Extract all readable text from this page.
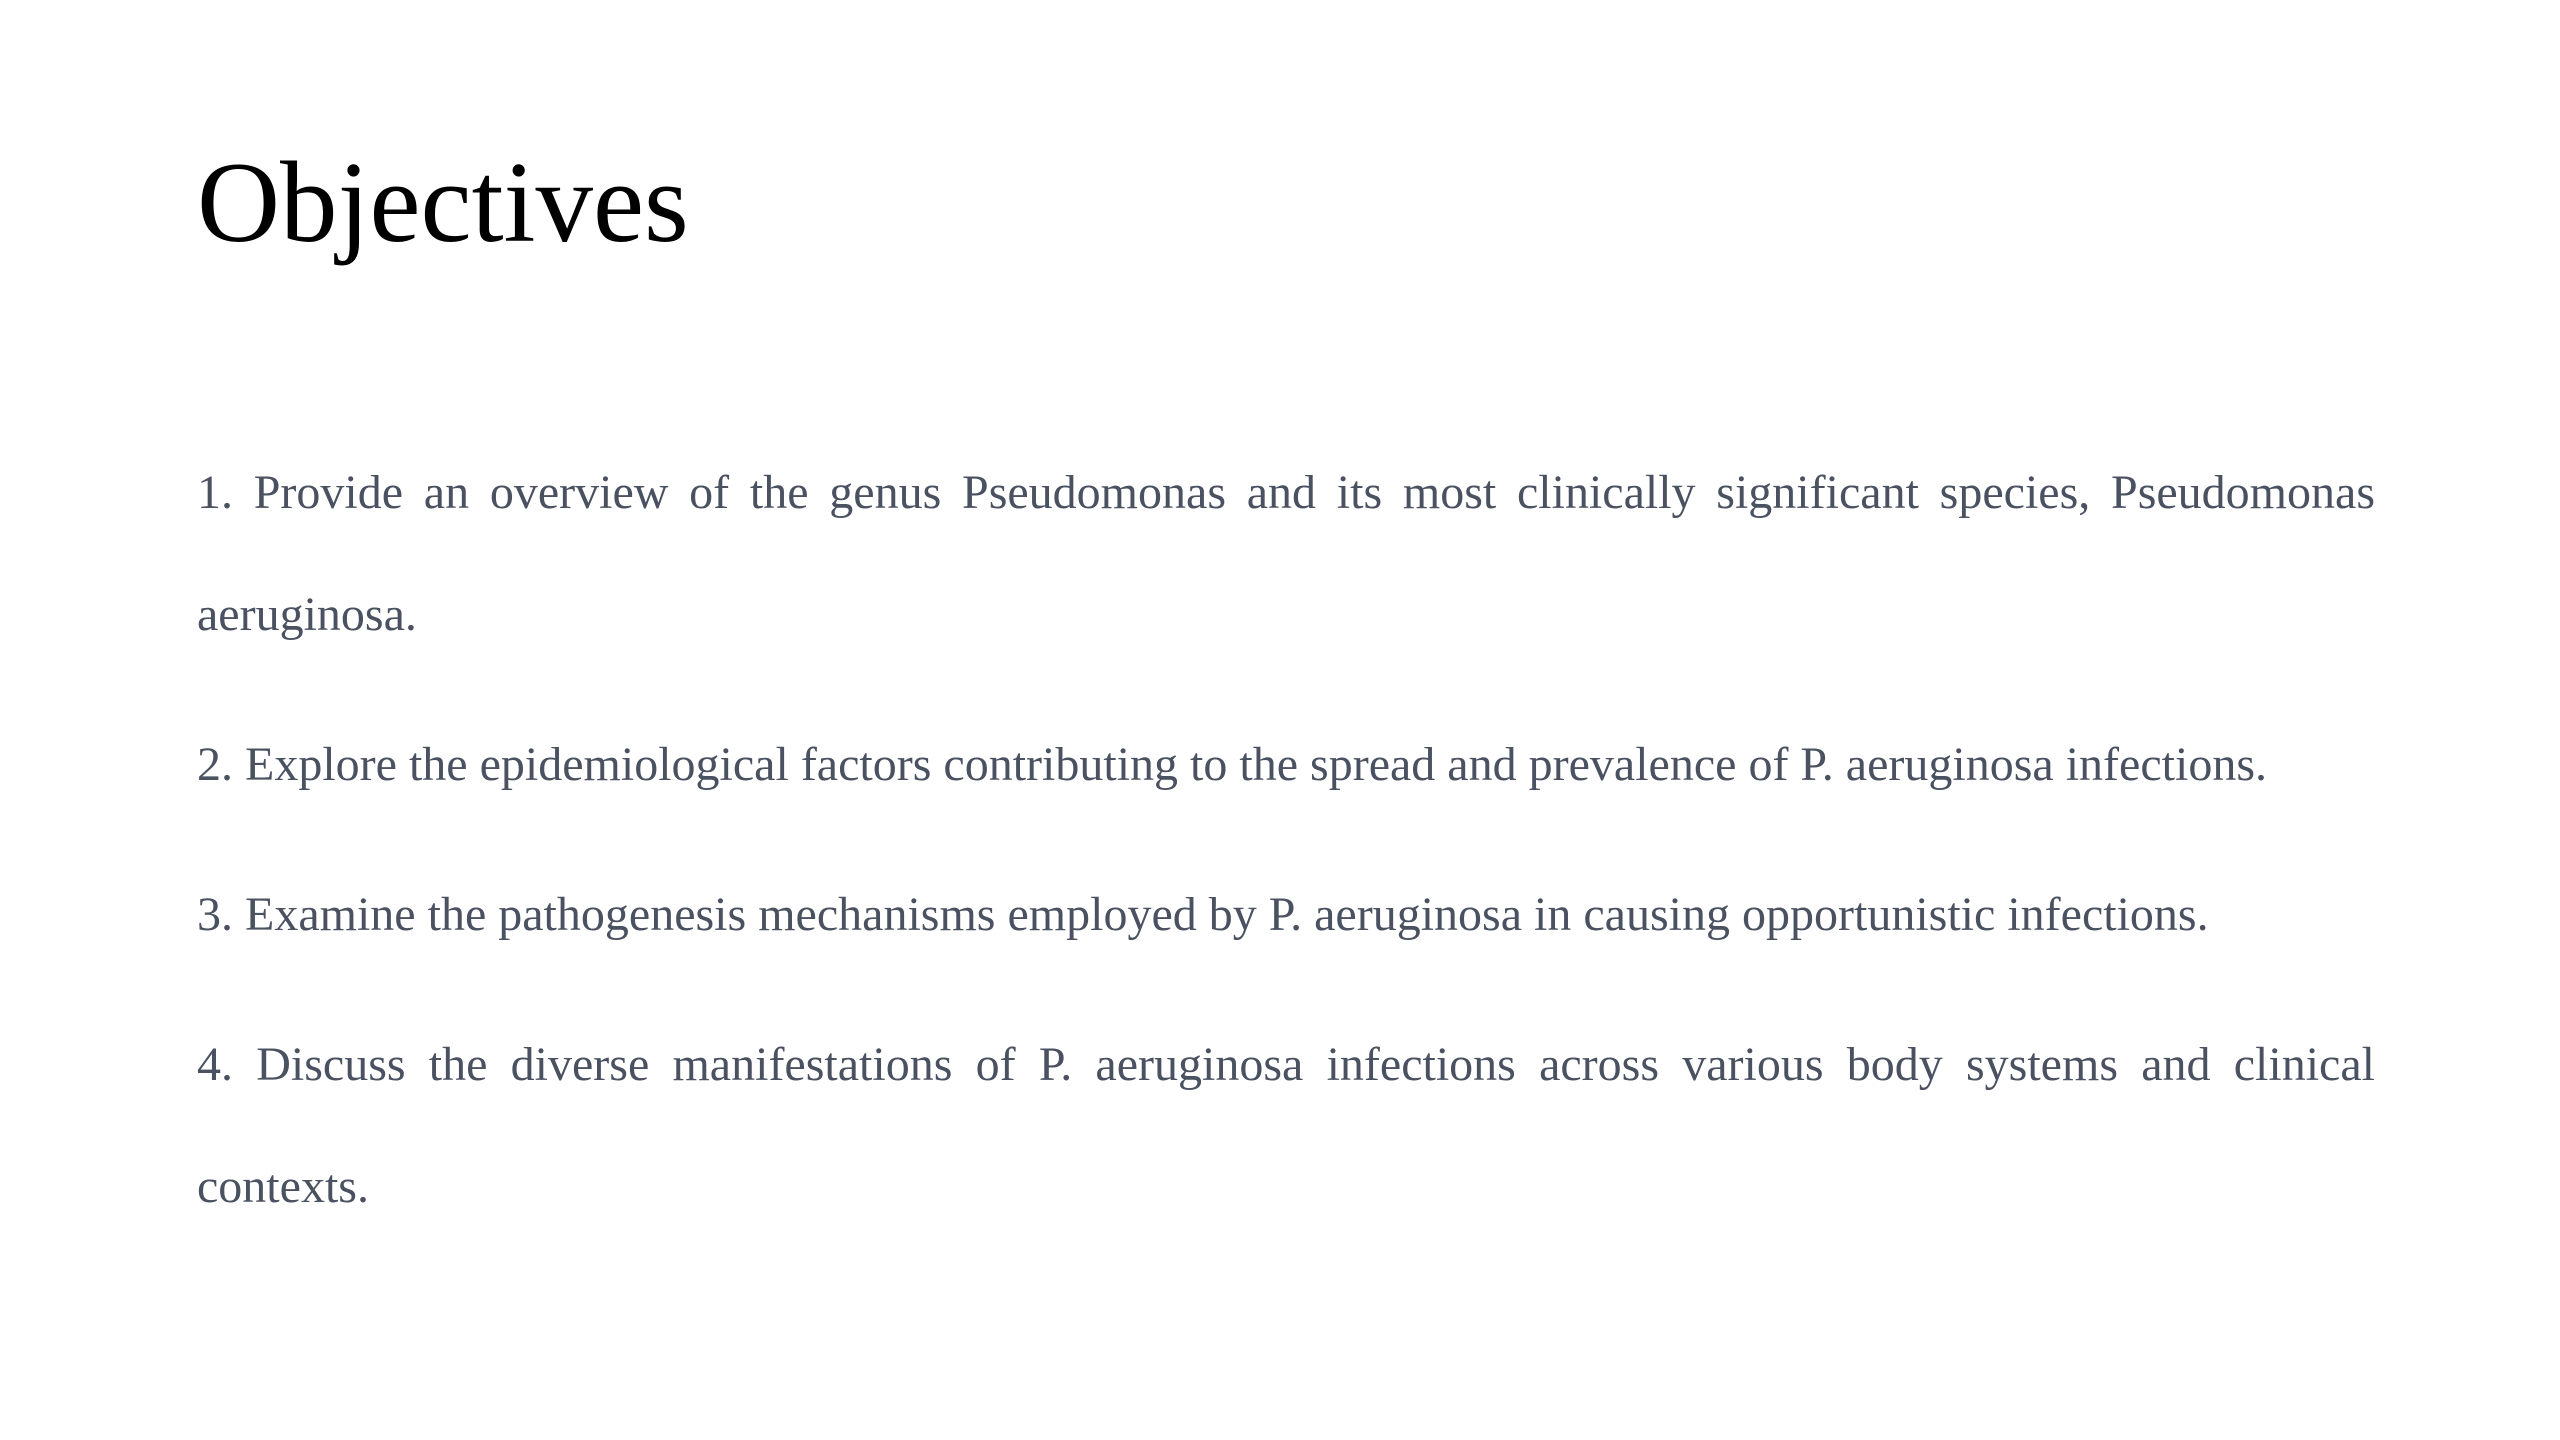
Objectives
1. Provide an overview of the genus Pseudomonas and its most clinically significant species, Pseudomonas aeruginosa.
2. Explore the epidemiological factors contributing to the spread and prevalence of P. aeruginosa infections.
3. Examine the pathogenesis mechanisms employed by P. aeruginosa in causing opportunistic infections.
4. Discuss the diverse manifestations of P. aeruginosa infections across various body systems and clinical contexts.
